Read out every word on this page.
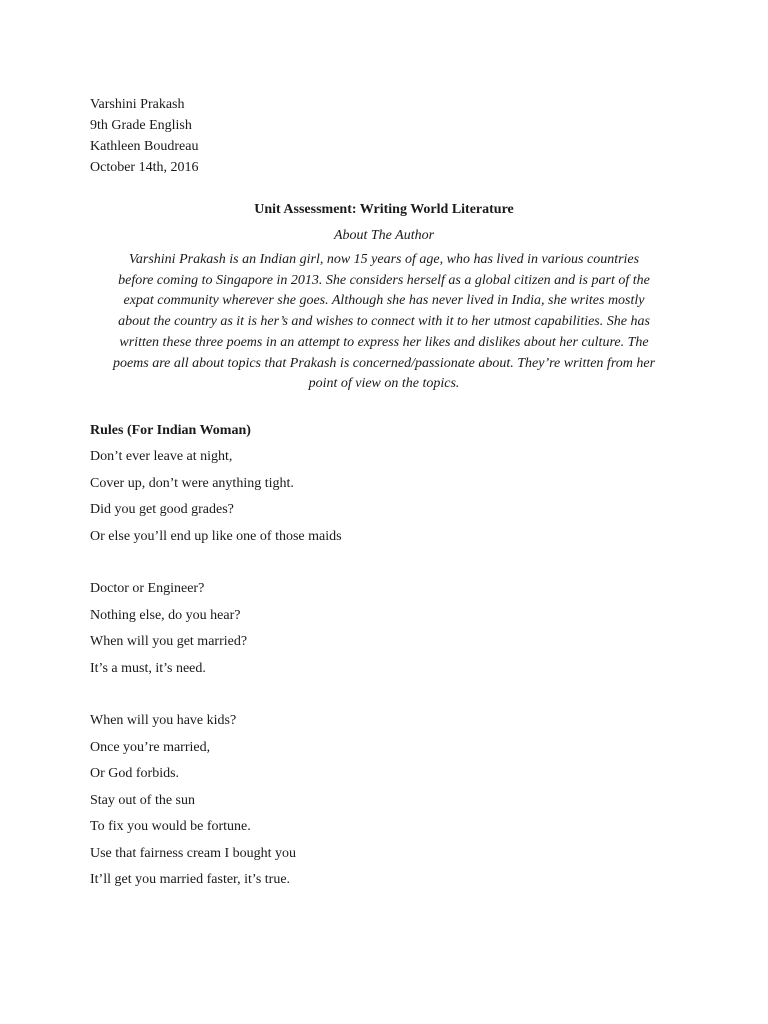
Varshini Prakash
9th Grade English
Kathleen Boudreau
October 14th, 2016
Unit Assessment: Writing World Literature
About The Author
Varshini Prakash is an Indian girl, now 15 years of age, who has lived in various countries
before coming to Singapore in 2013. She considers herself as a global citizen and is part of the
expat community wherever she goes. Although she has never lived in India, she writes mostly
about the country as it is her’s and wishes to connect with it to her utmost capabilities. She has
written these three poems in an attempt to express her likes and dislikes about her culture. The
poems are all about topics that Prakash is concerned/passionate about. They’re written from her
point of view on the topics.
Rules (For Indian Woman)
Don’t ever leave at night,
Cover up, don’t were anything tight.
Did you get good grades?
Or else you’ll end up like one of those maids
Doctor or Engineer?
Nothing else, do you hear?
When will you get married?
It’s a must, it’s need.
When will you have kids?
Once you’re married,
Or God forbids.
Stay out of the sun
To fix you would be fortune.
Use that fairness cream I bought you
It’ll get you married faster, it’s true.
